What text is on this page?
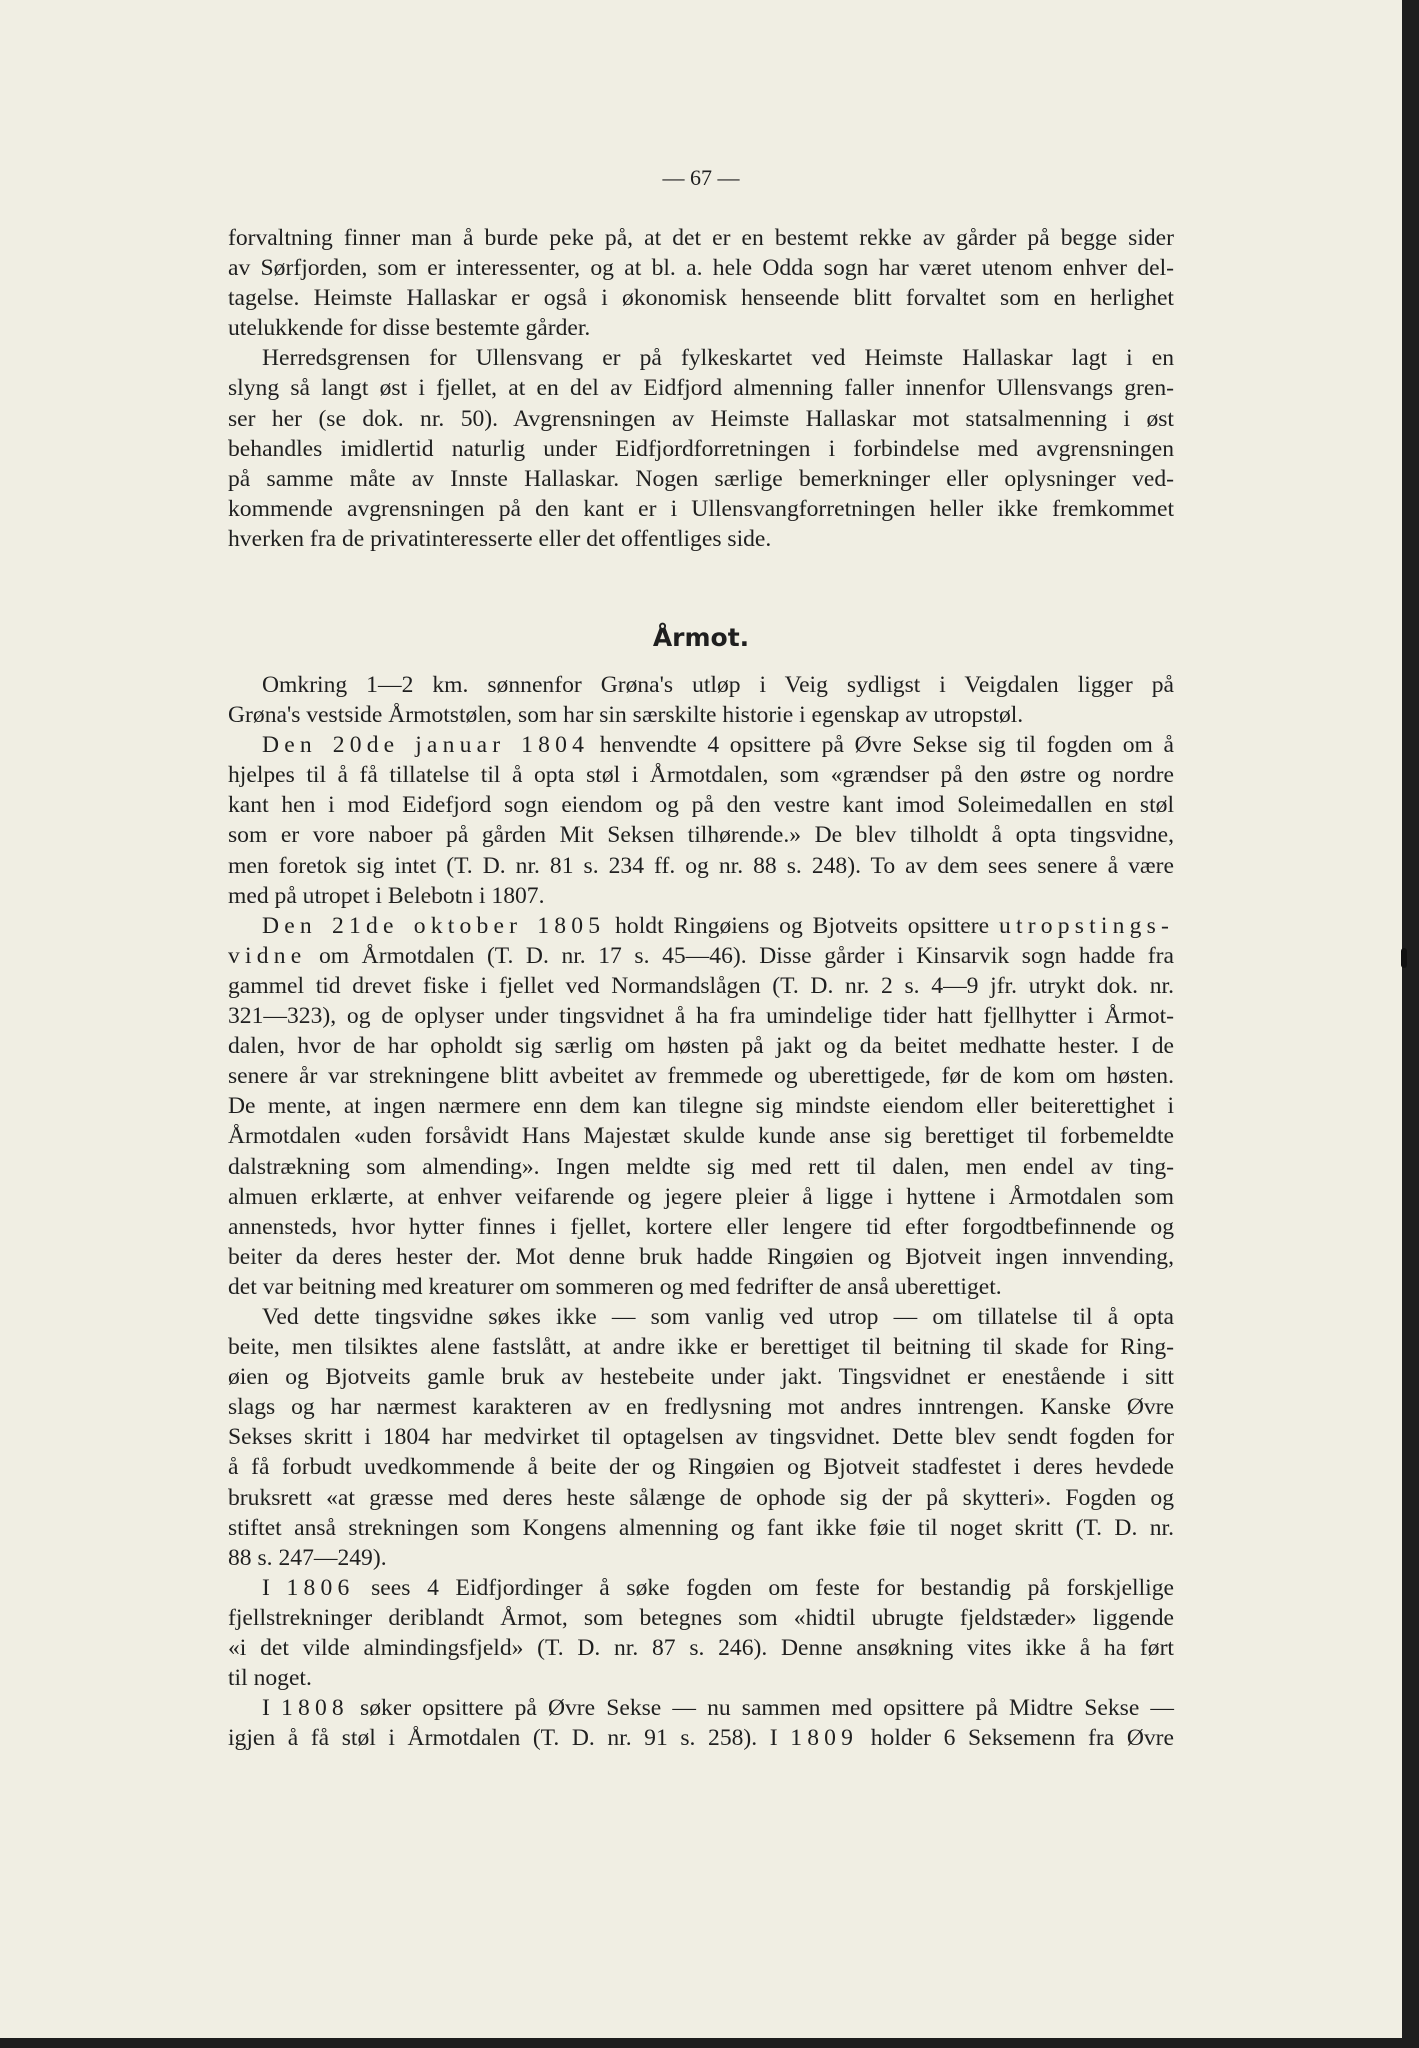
— 67 —

forvaltning finner man å burde peke på, at det er en bestemt rekke av gårder på begge sider

av Sørfjorden, som er interessenter, og at bl. a. hele Odda sogn har været utenom enhver del-

tagelse. Heimste Hallaskar er også i økonomisk henseende blitt forvaltet som en herlighet

utelukkende for disse bestemte gårder.

Herredsgrensen for Ullensvang er på fylkeskartet ved Heimste Hallaskar lagt i en

slyng så langt øst i fjellet, at en del av Eidfjord almenning faller innenfor Ullensvangs gren-

ser her (se dok. nr. 50). Avgrensningen av Heimste Hallaskar mot statsalmenning i øst

behandles imidlertid naturlig under Eidfjordforretningen i forbindelse med avgrensningen

på samme måte av Innste Hallaskar. Nogen særlige bemerkninger eller oplysninger ved-

kommende avgrensningen på den kant er i Ullensvangforretningen heller ikke fremkommet

hverken fra de privatinteresserte eller det offentliges side.

Årmot.

Omkring 1—2 km. sønnenfor Grøna's utløp i Veig sydligst i Veigdalen ligger på

Grøna's vestside Årmotstølen, som har sin særskilte historie i egenskap av utropstøl.

Den 20de januar 1804 henvendte 4 opsittere på Øvre Sekse sig til fogden om å

hjelpes til å få tillatelse til å opta støl i Årmotdalen, som «grændser på den østre og nordre

kant hen i mod Eidefjord sogn eiendom og på den vestre kant imod Soleimedallen en støl

som er vore naboer på gården Mit Seksen tilhørende.» De blev tilholdt å opta tingsvidne,

men foretok sig intet (T. D. nr. 81 s. 234 ff. og nr. 88 s. 248). To av dem sees senere å være

med på utropet i Belebotn i 1807.

Den 21de oktober 1805 holdt Ringøiens og Bjotveits opsittere utropstings-

vidne om Årmotdalen (T. D. nr. 17 s. 45—46). Disse gårder i Kinsarvik sogn hadde fra

gammel tid drevet fiske i fjellet ved Normandslågen (T. D. nr. 2 s. 4—9 jfr. utrykt dok. nr.

321—323), og de oplyser under tingsvidnet å ha fra umindelige tider hatt fjellhytter i Årmot-

dalen, hvor de har opholdt sig særlig om høsten på jakt og da beitet medhatte hester. I de

senere år var strekningene blitt avbeitet av fremmede og uberettigede, før de kom om høsten.

De mente, at ingen nærmere enn dem kan tilegne sig mindste eiendom eller beiterettighet i

Årmotdalen «uden forsåvidt Hans Majestæt skulde kunde anse sig berettiget til forbemeldte

dalstrækning som almending». Ingen meldte sig med rett til dalen, men endel av ting-

almuen erklærte, at enhver veifarende og jegere pleier å ligge i hyttene i Årmotdalen som

annensteds, hvor hytter finnes i fjellet, kortere eller lengere tid efter forgodtbefinnende og

beiter da deres hester der. Mot denne bruk hadde Ringøien og Bjotveit ingen innvending,

det var beitning med kreaturer om sommeren og med fedrifter de anså uberettiget.

Ved dette tingsvidne søkes ikke — som vanlig ved utrop — om tillatelse til å opta

beite, men tilsiktes alene fastslått, at andre ikke er berettiget til beitning til skade for Ring-

øien og Bjotveits gamle bruk av hestebeite under jakt. Tingsvidnet er enestående i sitt

slags og har nærmest karakteren av en fredlysning mot andres inntrengen. Kanske Øvre

Sekses skritt i 1804 har medvirket til optagelsen av tingsvidnet. Dette blev sendt fogden for

å få forbudt uvedkommende å beite der og Ringøien og Bjotveit stadfestet i deres hevdede

bruksrett «at græsse med deres heste sålænge de ophode sig der på skytteri». Fogden og

stiftet anså strekningen som Kongens almenning og fant ikke føie til noget skritt (T. D. nr.

88 s. 247—249).

I 1806 sees 4 Eidfjordinger å søke fogden om feste for bestandig på forskjellige

fjellstrekninger deriblandt Årmot, som betegnes som «hidtil ubrugte fjeldstæder» liggende

«i det vilde almindingsfjeld» (T. D. nr. 87 s. 246). Denne ansøkning vites ikke å ha ført

til noget.

I 1808 søker opsittere på Øvre Sekse — nu sammen med opsittere på Midtre Sekse —

igjen å få støl i Årmotdalen (T. D. nr. 91 s. 258). I 1809 holder 6 Seksemenn fra Øvre
